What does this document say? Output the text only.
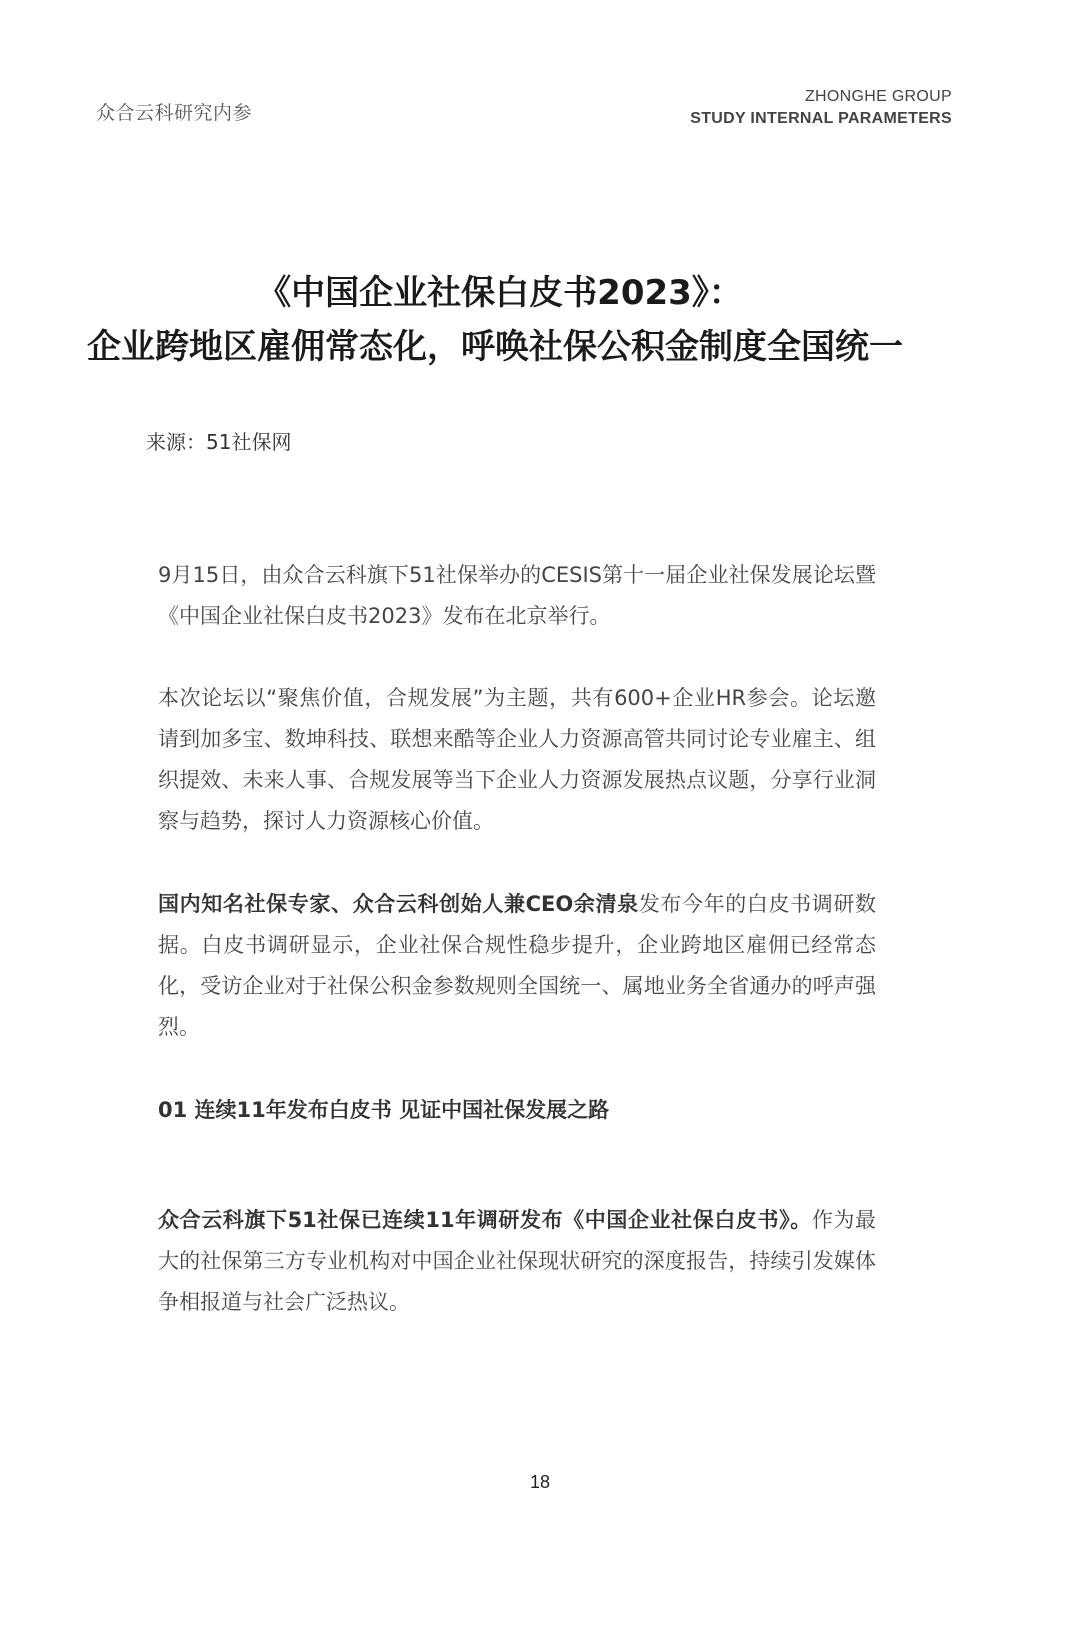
众合云科研究内参
ZHONGHE GROUP
STUDY INTERNAL PARAMETERS
《中国企业社保白皮书2023》：
企业跨地区雇佣常态化，呼唤社保公积金制度全国统一
来源：51社保网

9月15日，由众合云科旗下51社保举办的CESIS第十一届企业社保发展论坛暨《中国企业社保白皮书2023》发布在北京举行。

本次论坛以“聚焦价值，合规发展”为主题，共有600+企业HR参会。论坛邀请到加多宝、数坤科技、联想来酷等企业人力资源高管共同讨论专业雇主、组织提效、未来人事、合规发展等当下企业人力资源发展热点议题，分享行业洞察与趋势，探讨人力资源核心价值。

国内知名社保专家、众合云科创始人兼CEO余清泉发布今年的白皮书调研数据。白皮书调研显示，企业社保合规性稳步提升，企业跨地区雇佣已经常态化，受访企业对于社保公积金参数规则全国统一、属地业务全省通办的呼声强烈。

01 连续11年发布白皮书 见证中国社保发展之路

众合云科旗下51社保已连续11年调研发布《中国企业社保白皮书》。作为最大的社保第三方专业机构对中国企业社保现状研究的深度报告，持续引发媒体争相报道与社会广泛热议。

18
